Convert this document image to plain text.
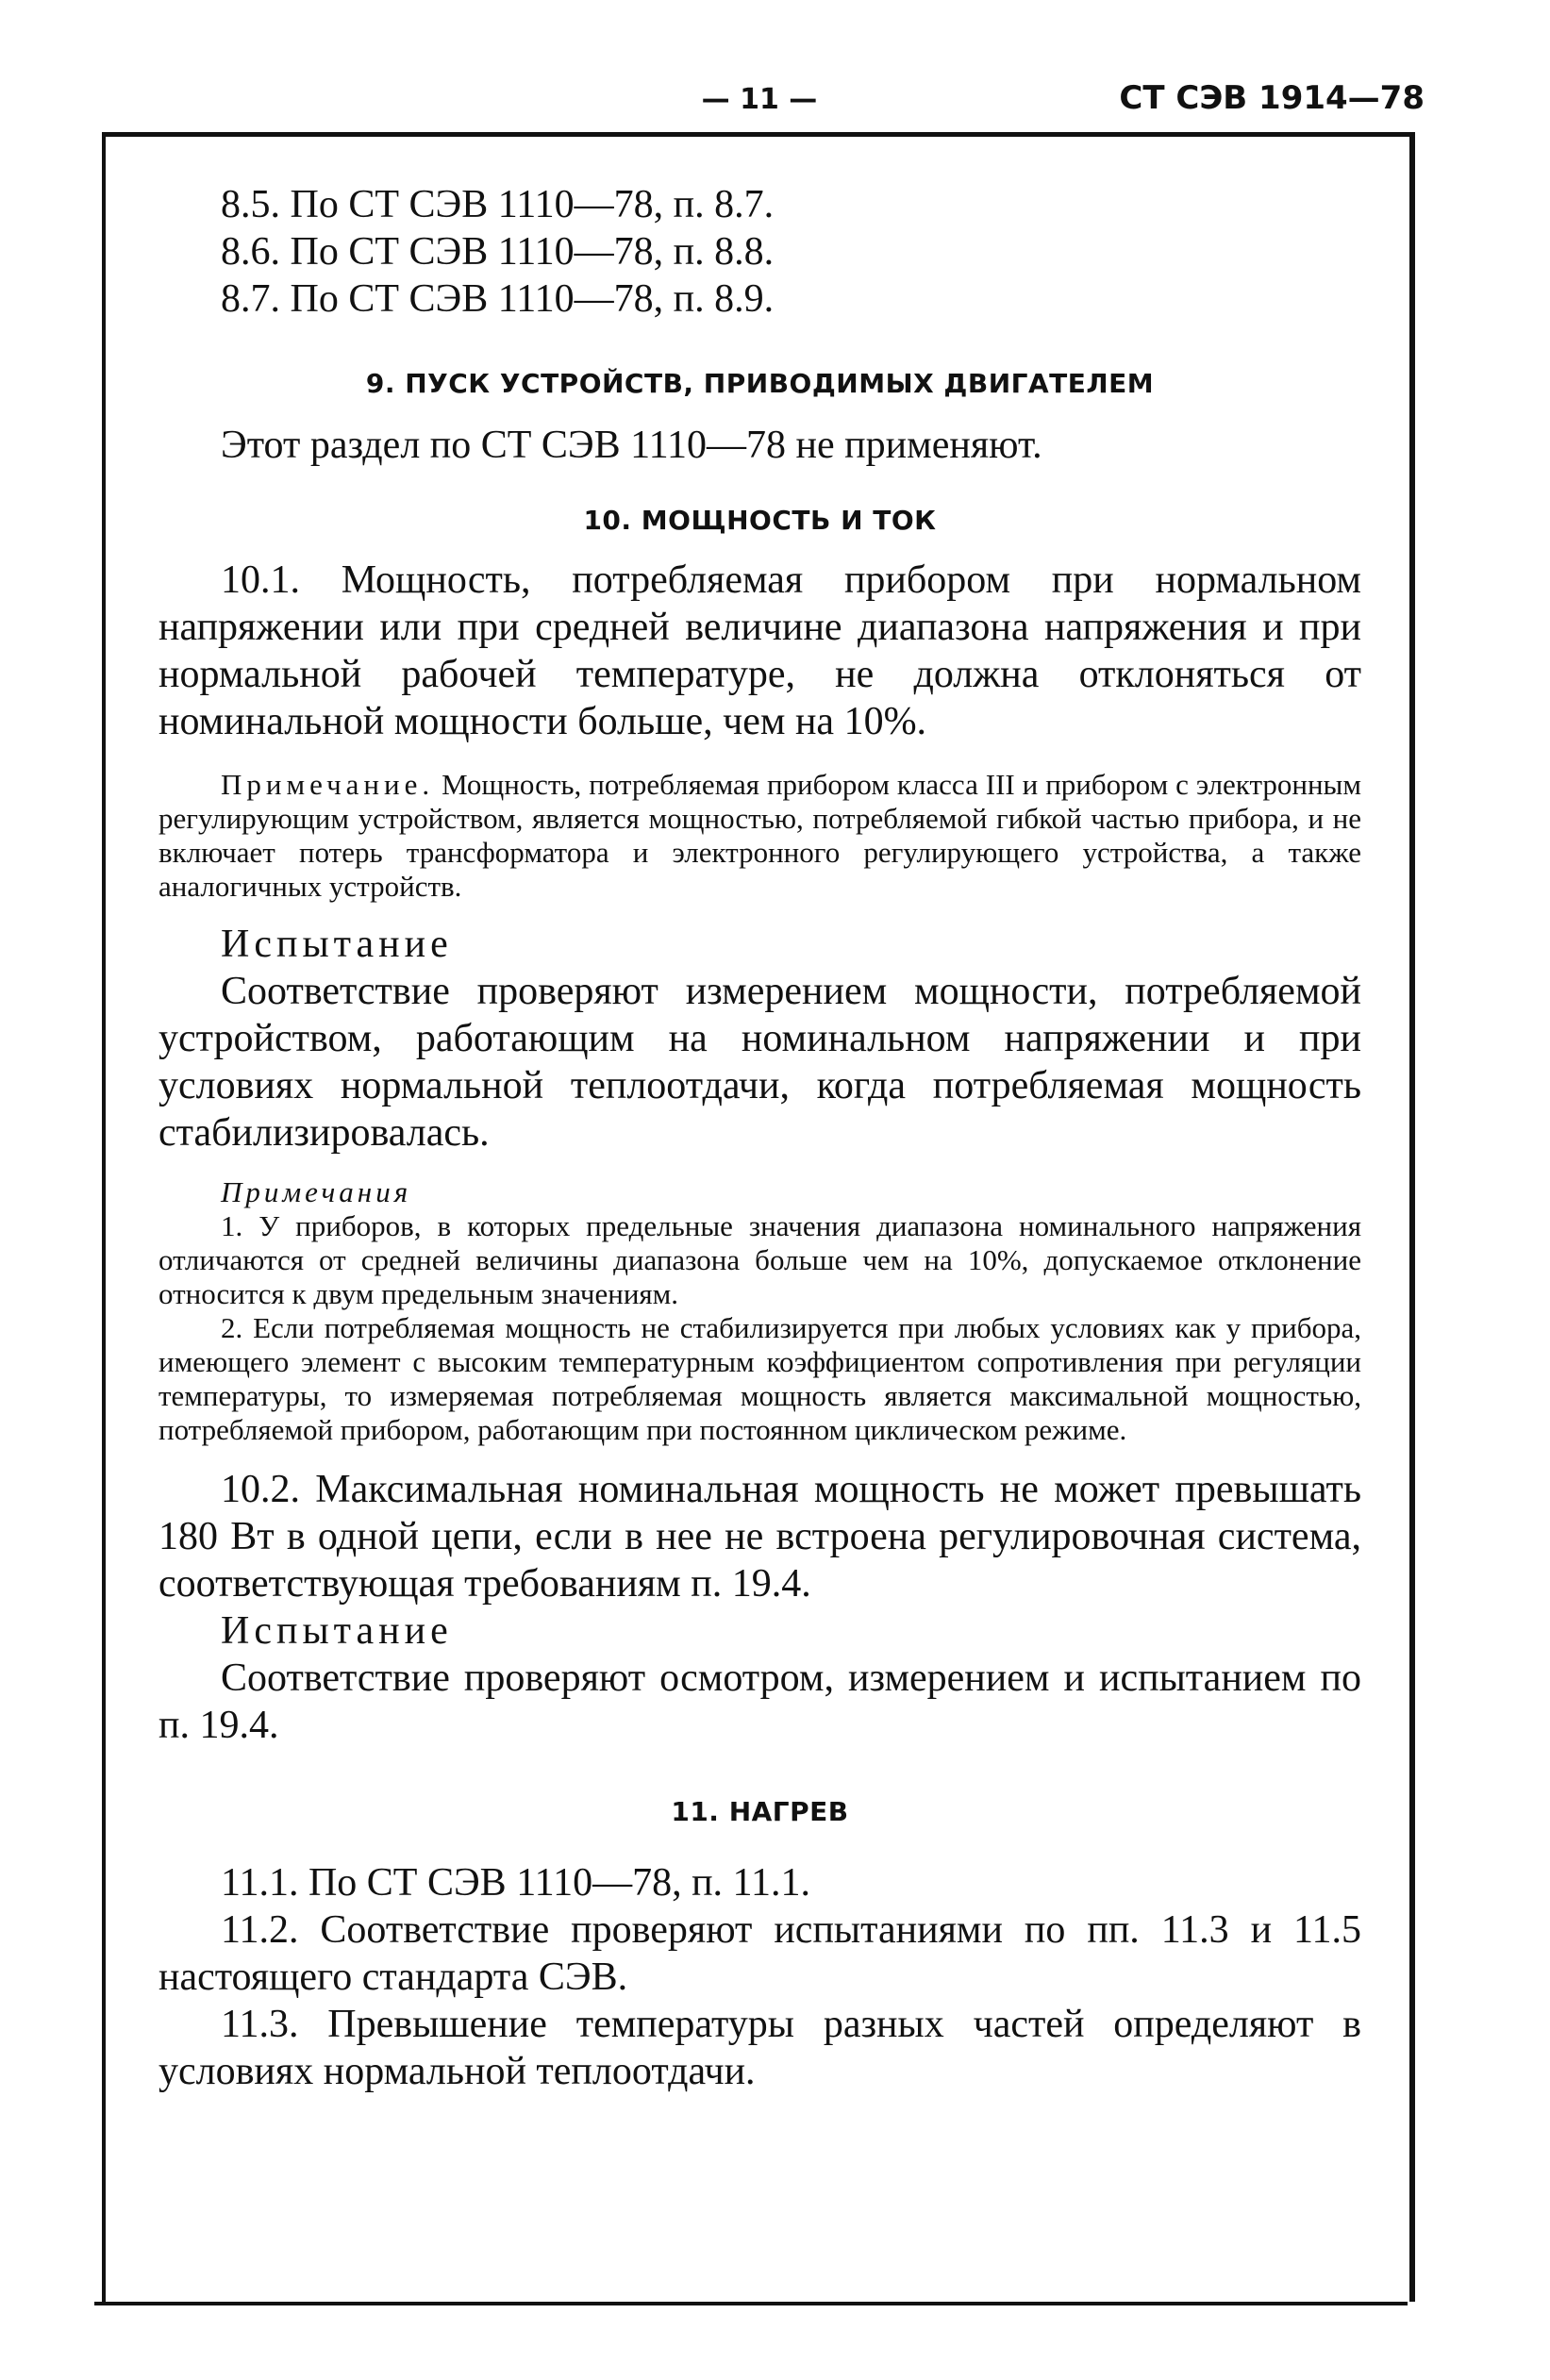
— 11 —	СТ СЭВ 1914—78

8.5. По СТ СЭВ 1110—78, п. 8.7.

8.6. По СТ СЭВ 1110—78, п. 8.8.

8.7. По СТ СЭВ 1110—78, п. 8.9.

9. ПУСК УСТРОЙСТВ, ПРИВОДИМЫХ ДВИГАТЕЛЕМ

Этот раздел по СТ СЭВ 1110—78 не применяют.

10. МОЩНОСТЬ И ТОК

10.1. Мощность, потребляемая прибором при нормальном напряжении или при средней величине диапазона напряжения и при нормальной рабочей температуре, не должна отклоняться от номинальной мощности больше, чем на 10%.

Примечание. Мощность, потребляемая прибором класса III и прибором с электронным регулирующим устройством, является мощностью, потребляемой гибкой частью прибора, и не включает потерь трансформатора и электронного регулирующего устройства, а также аналогичных устройств.

Испытание

Соответствие проверяют измерением мощности, потребляемой устройством, работающим на номинальном напряжении и при условиях нормальной теплоотдачи, когда потребляемая мощность стабилизировалась.

Примечания

1. У приборов, в которых предельные значения диапазона номинального напряжения отличаются от средней величины диапазона больше чем на 10%, допускаемое отклонение относится к двум предельным значениям.

2. Если потребляемая мощность не стабилизируется при любых условиях как у прибора, имеющего элемент с высоким температурным коэффициентом сопротивления при регуляции температуры, то измеряемая потребляемая мощность является максимальной мощностью, потребляемой прибором, работающим при постоянном циклическом режиме.

10.2. Максимальная номинальная мощность не может превышать 180 Вт в одной цепи, если в нее не встроена регулировочная система, соответствующая требованиям п. 19.4.

Испытание

Соответствие проверяют осмотром, измерением и испытанием по п. 19.4.

11. НАГРЕВ

11.1. По СТ СЭВ 1110—78, п. 11.1.

11.2. Соответствие проверяют испытаниями по пп. 11.3 и 11.5 настоящего стандарта СЭВ.

11.3. Превышение температуры разных частей определяют в условиях нормальной теплоотдачи.
